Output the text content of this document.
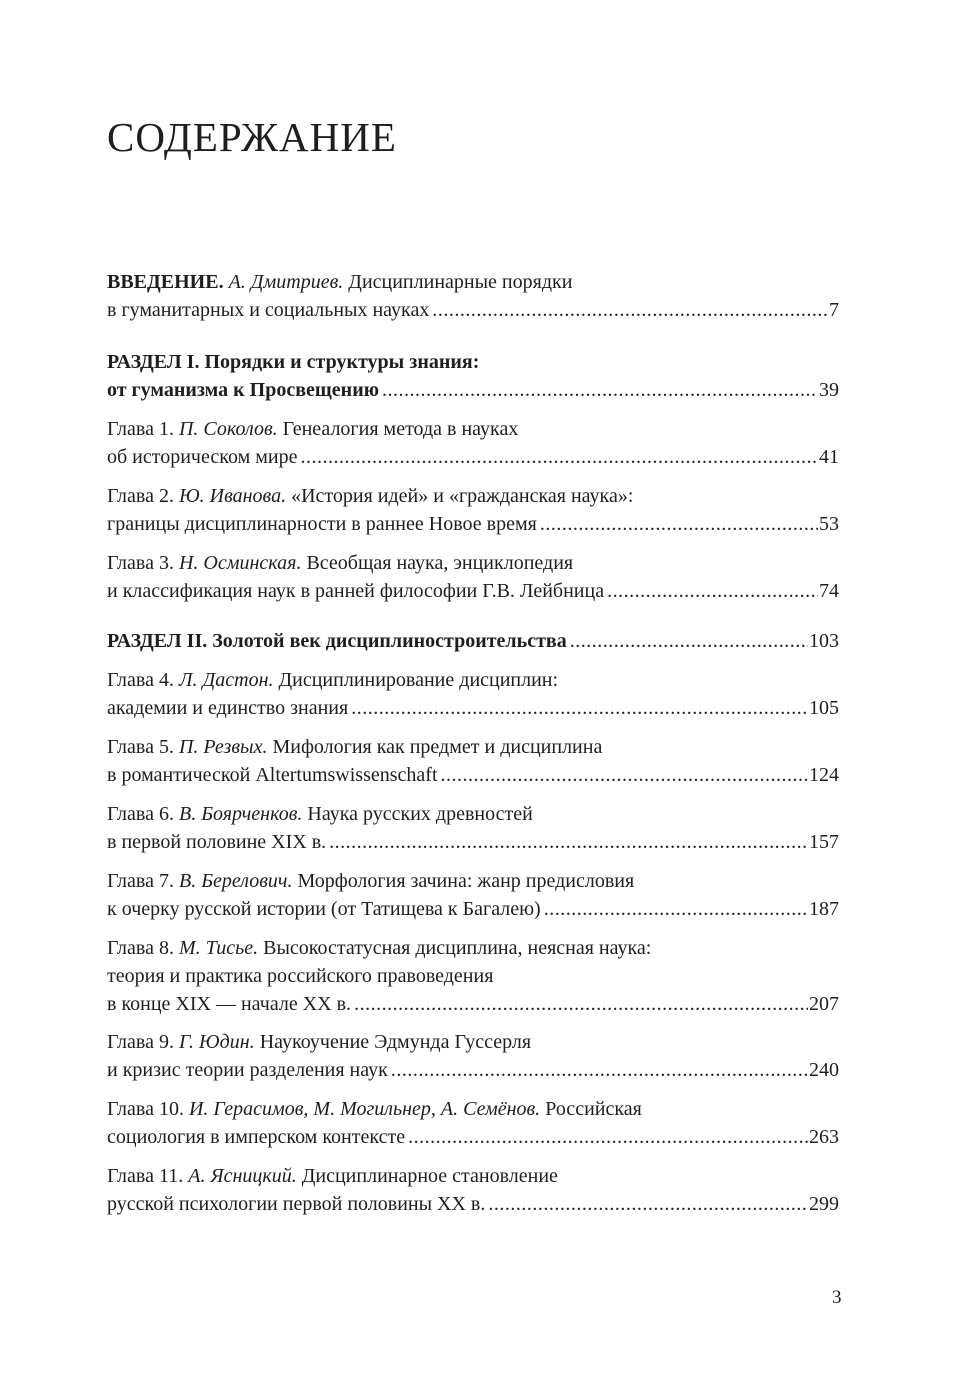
СОДЕРЖАНИЕ
ВВЕДЕНИЕ. А. Дмитриев. Дисциплинарные порядки
в гуманитарных и социальных науках .....	7
РАЗДЕЛ I. Порядки и структуры знания:
от гуманизма к Просвещению .....	39
Глава 1. П. Соколов. Генеалогия метода в науках
об историческом мире .....	41
Глава 2. Ю. Иванова. «История идей» и «гражданская наука»:
границы дисциплинарности в раннее Новое время .....	53
Глава 3. Н. Осминская. Всеобщая наука, энциклопедия
и классификация наук в ранней философии Г.В. Лейбница .....	74
РАЗДЕЛ II. Золотой век дисциплиностроительства .....	103
Глава 4. Л. Дастон. Дисциплинирование дисциплин:
академии и единство знания .....	105
Глава 5. П. Резвых. Мифология как предмет и дисциплина
в романтической Altertumswissenschaft .....	124
Глава 6. В. Боярченков. Наука русских древностей
в первой половине XIX в. .....	157
Глава 7. В. Берелович. Морфология зачина: жанр предисловия
к очерку русской истории (от Татищева к Багалею) .....	187
Глава 8. М. Тисье. Высокостатусная дисциплина, неясная наука:
теория и практика российского правоведения
в конце XIX — начале XX в. .....	207
Глава 9. Г. Юдин. Наукоучение Эдмунда Гуссерля
и кризис теории разделения наук .....	240
Глава 10. И. Герасимов, М. Могильнер, А. Семёнов. Российская
социология в имперском контексте .....	263
Глава 11. А. Ясницкий. Дисциплинарное становление
русской психологии первой половины XX в. .....	299
3
